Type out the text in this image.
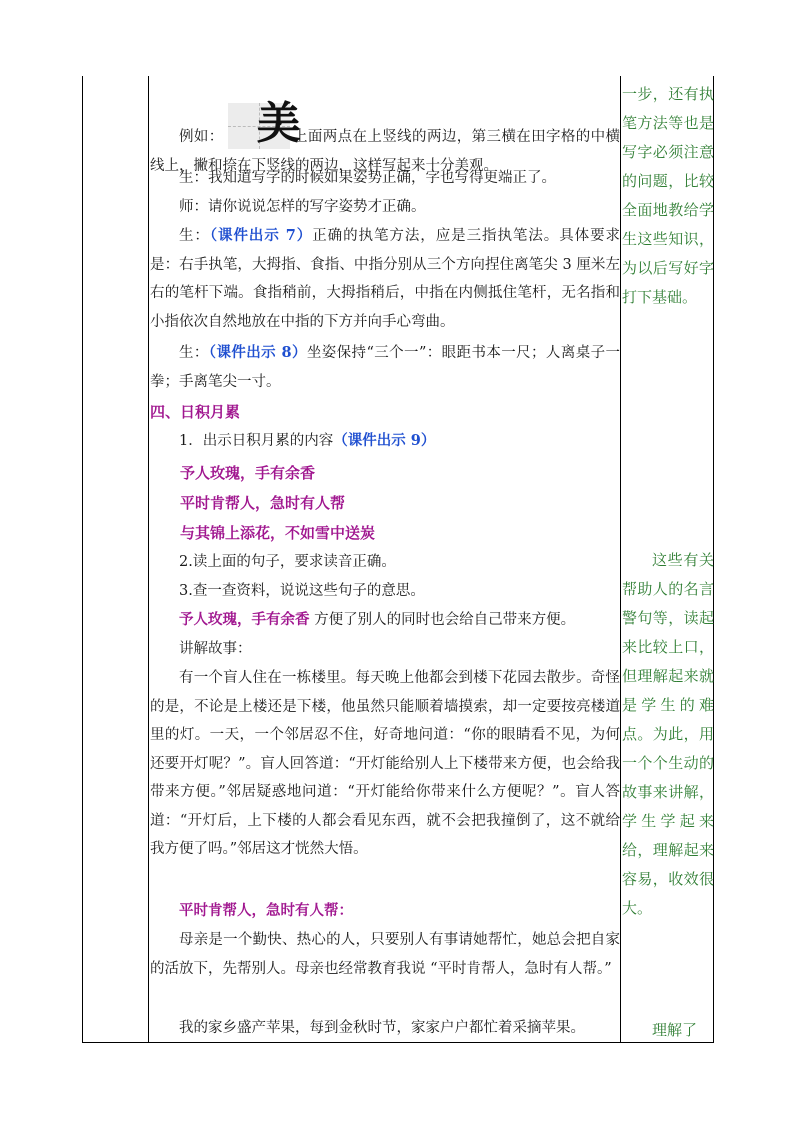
例如： 美
上面两点在上竖线的两边，第三横在田字格的中横线上，撇和捺在下竖线的两边，这样写起来十分美观。
生：我知道写字的时候如果姿势正确，字也写得更端正了。
师：请你说说怎样的写字姿势才正确。
生：（课件出示 7）正确的执笔方法，应是三指执笔法。具体要求是：右手执笔，大拇指、食指、中指分别从三个方向捏住离笔尖 3 厘米左右的笔杆下端。食指稍前，大拇指稍后，中指在内侧抵住笔杆，无名指和小指依次自然地放在中指的下方并向手心弯曲。
生：（课件出示 8）坐姿保持“三个一”：眼距书本一尺；人离桌子一拳；手离笔尖一寸。
四、日积月累
1．出示日积月累的内容（课件出示 9）
予人玫瑰，手有余香
平时肯帮人，急时有人帮
与其锦上添花，不如雪中送炭
2.读上面的句子，要求读音正确。
3.查一查资料，说说这些句子的意思。
予人玫瑰，手有余香 方便了别人的同时也会给自己带来方便。
讲解故事：
有一个盲人住在一栋楼里。每天晚上他都会到楼下花园去散步。奇怪的是，不论是上楼还是下楼，他虽然只能顺着墙摸索，却一定要按亮楼道里的灯。一天，一个邻居忍不住，好奇地问道：“你的眼睛看不见，为何还要开灯呢？”。盲人回答道：“开灯能给别人上下楼带来方便，也会给我带来方便。”邻居疑惑地问道：“开灯能给你带来什么方便呢？”。盲人答道：“开灯后，上下楼的人都会看见东西，就不会把我撞倒了，这不就给我方便了吗。”邻居这才恍然大悟。
平时肯帮人，急时有人帮：
母亲是一个勤快、热心的人，只要别人有事请她帮忙，她总会把自家的活放下，先帮别人。母亲也经常教育我说 “平时肯帮人，急时有人帮。”
我的家乡盛产苹果，每到金秋时节，家家户户都忙着采摘苹果。
一步，还有执笔方法等也是写字必须注意的问题，比较全面地教给学生这些知识，为以后写好字打下基础。
这些有关帮助人的名言警句等，读起来比较上口，但理解起来就是学生的难点。为此，用一个个生动的故事来讲解，学生学起来给，理解起来容易，收效很大。
理解了
